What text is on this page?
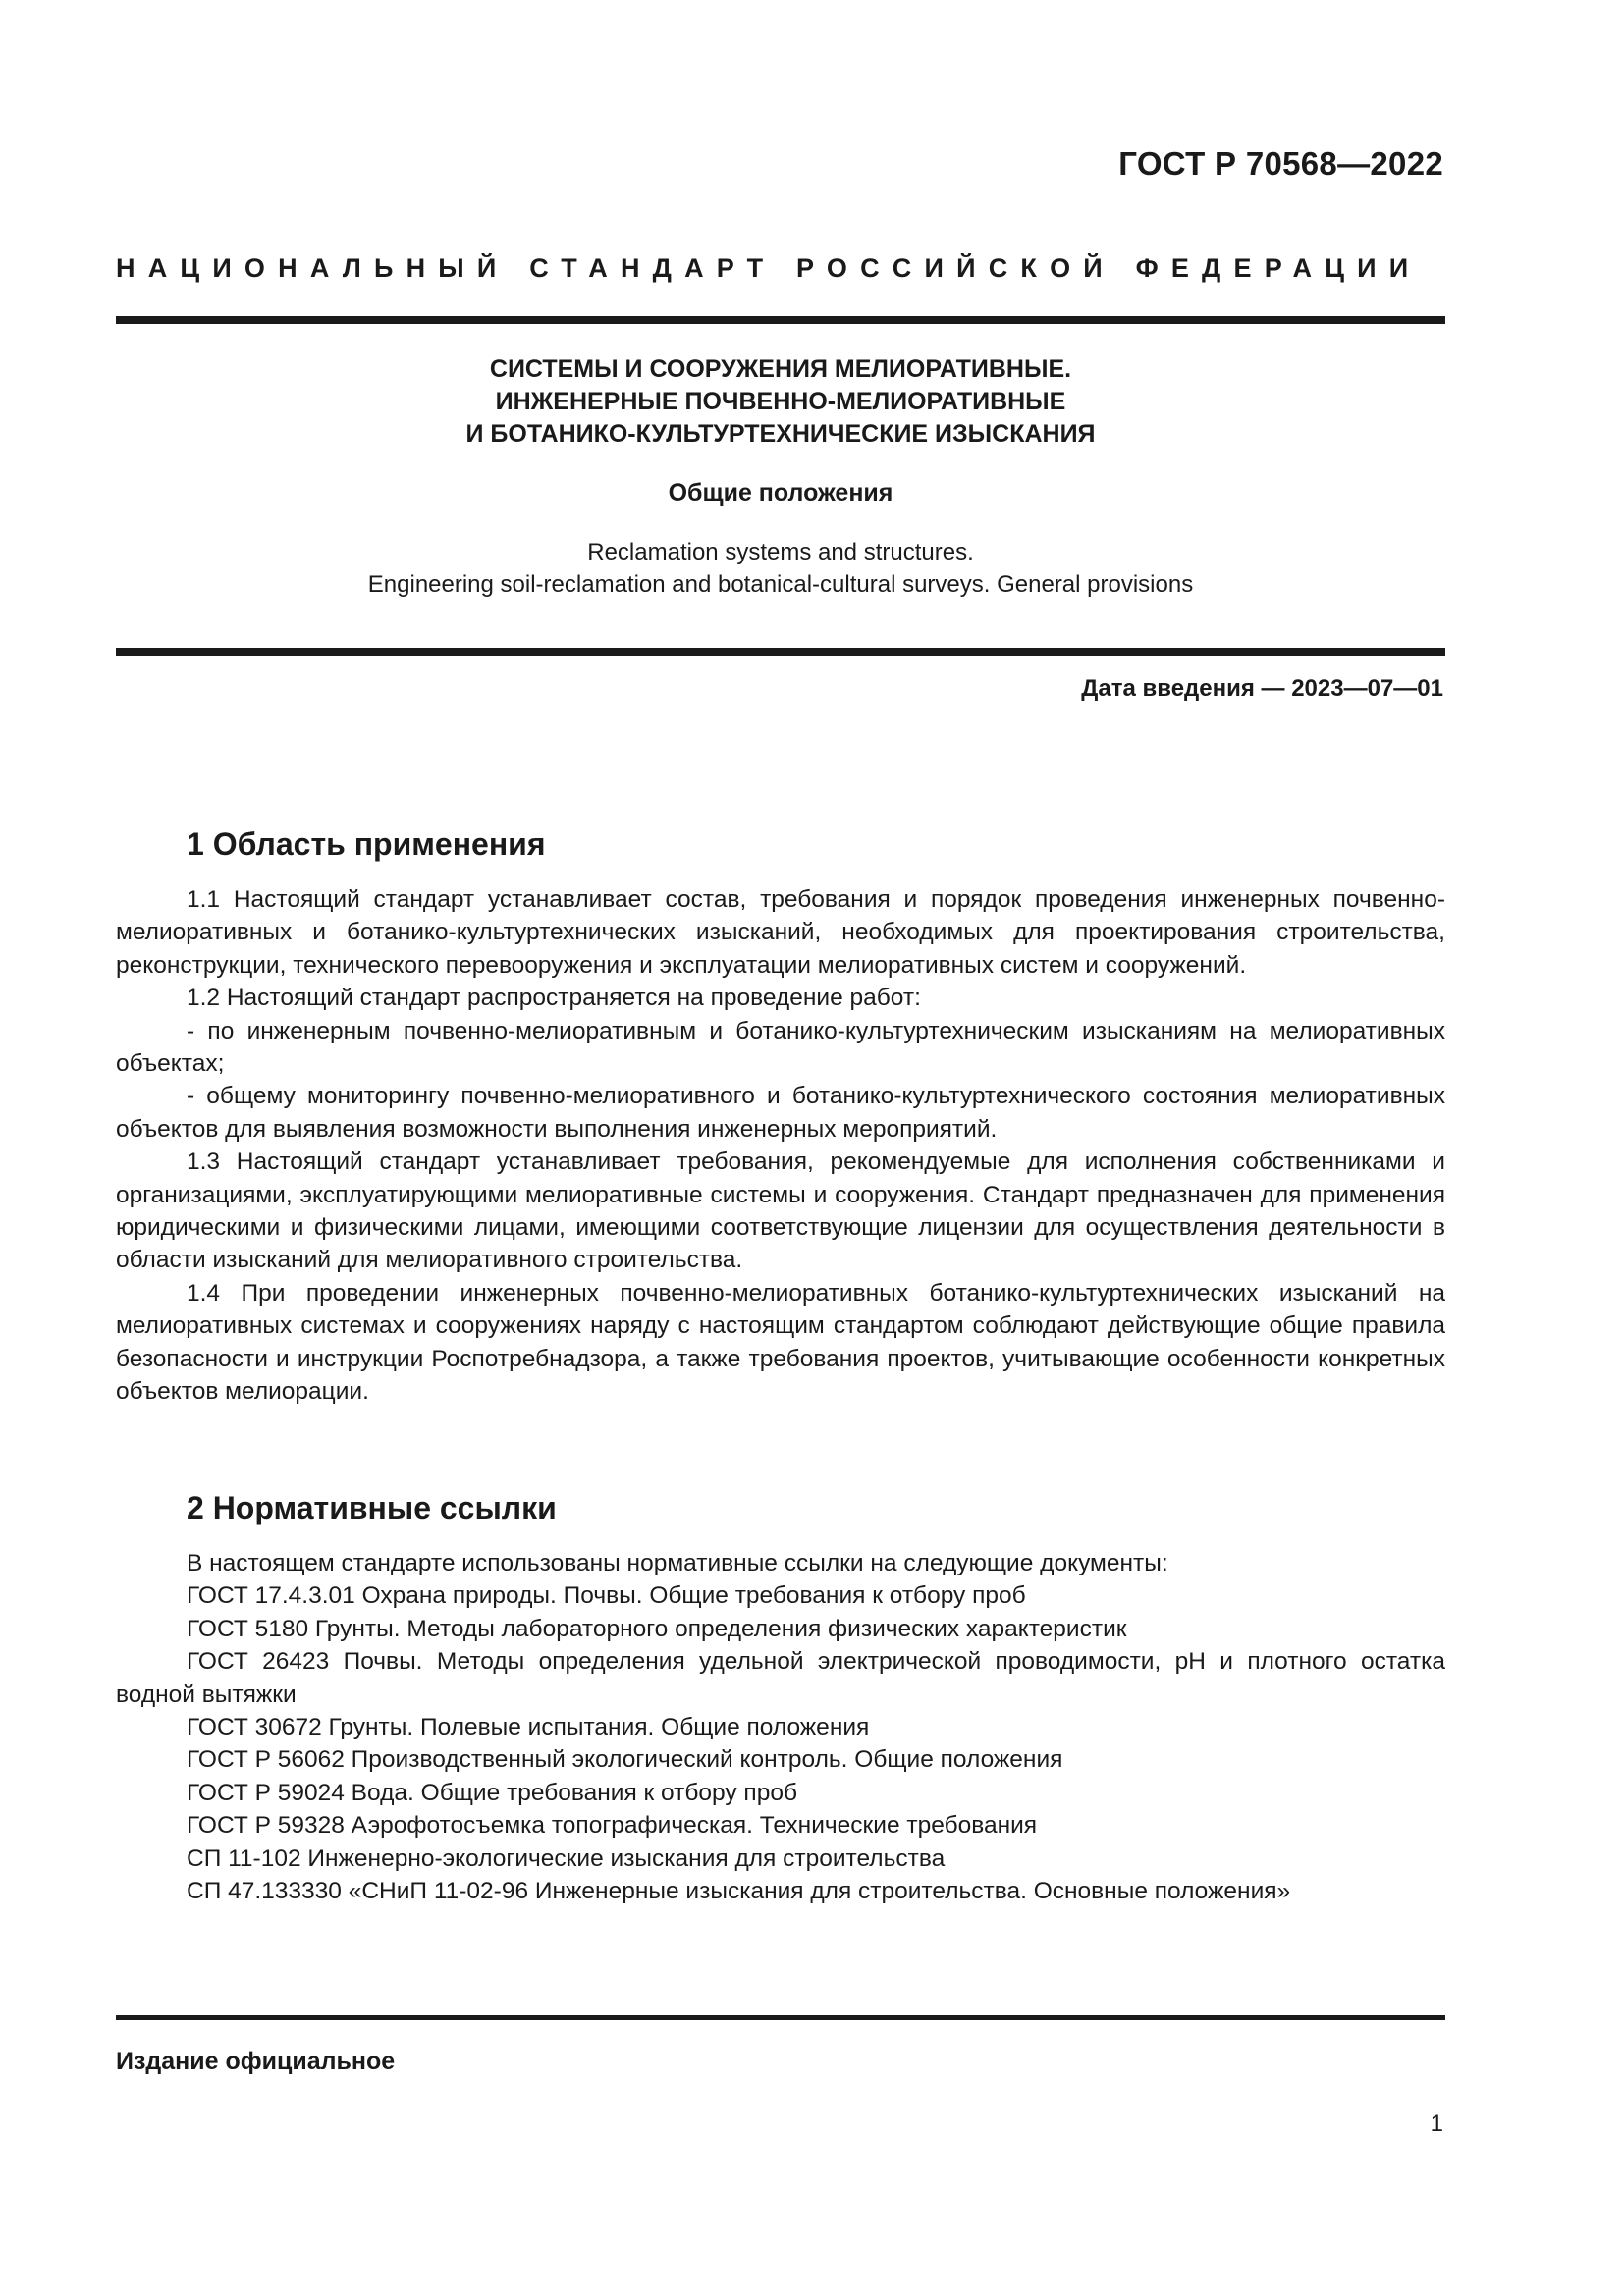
ГОСТ Р 70568—2022
НАЦИОНАЛЬНЫЙ СТАНДАРТ РОССИЙСКОЙ ФЕДЕРАЦИИ
СИСТЕМЫ И СООРУЖЕНИЯ МЕЛИОРАТИВНЫЕ.
ИНЖЕНЕРНЫЕ ПОЧВЕННО-МЕЛИОРАТИВНЫЕ
И БОТАНИКО-КУЛЬТУРТЕХНИЧЕСКИЕ ИЗЫСКАНИЯ
Общие положения
Reclamation systems and structures.
Engineering soil-reclamation and botanical-cultural surveys. General provisions
Дата введения — 2023—07—01
1 Область применения

1.1 Настоящий стандарт устанавливает состав, требования и порядок проведения инженерных почвенно-мелиоративных и ботанико-культуртехнических изысканий, необходимых для проектирования строительства, реконструкции, технического перевооружения и эксплуатации мелиоративных систем и сооружений.

1.2 Настоящий стандарт распространяется на проведение работ:

- по инженерным почвенно-мелиоративным и ботанико-культуртехническим изысканиям на мелиоративных объектах;

- общему мониторингу почвенно-мелиоративного и ботанико-культуртехнического состояния мелиоративных объектов для выявления возможности выполнения инженерных мероприятий.

1.3 Настоящий стандарт устанавливает требования, рекомендуемые для исполнения собственниками и организациями, эксплуатирующими мелиоративные системы и сооружения. Стандарт предназначен для применения юридическими и физическими лицами, имеющими соответствующие лицензии для осуществления деятельности в области изысканий для мелиоративного строительства.

1.4 При проведении инженерных почвенно-мелиоративных ботанико-культуртехнических изысканий на мелиоративных системах и сооружениях наряду с настоящим стандартом соблюдают действующие общие правила безопасности и инструкции Роспотребнадзора, а также требования проектов, учитывающие особенности конкретных объектов мелиорации.

2 Нормативные ссылки

В настоящем стандарте использованы нормативные ссылки на следующие документы:

ГОСТ 17.4.3.01 Охрана природы. Почвы. Общие требования к отбору проб
ГОСТ 5180 Грунты. Методы лабораторного определения физических характеристик
ГОСТ 26423 Почвы. Методы определения удельной электрической проводимости, pH и плотного остатка водной вытяжки
ГОСТ 30672 Грунты. Полевые испытания. Общие положения
ГОСТ Р 56062 Производственный экологический контроль. Общие положения
ГОСТ Р 59024 Вода. Общие требования к отбору проб
ГОСТ Р 59328 Аэрофотосъемка топографическая. Технические требования
СП 11-102 Инженерно-экологические изыскания для строительства
СП 47.133330 «СНиП 11-02-96 Инженерные изыскания для строительства. Основные положения»
Издание официальное
1
